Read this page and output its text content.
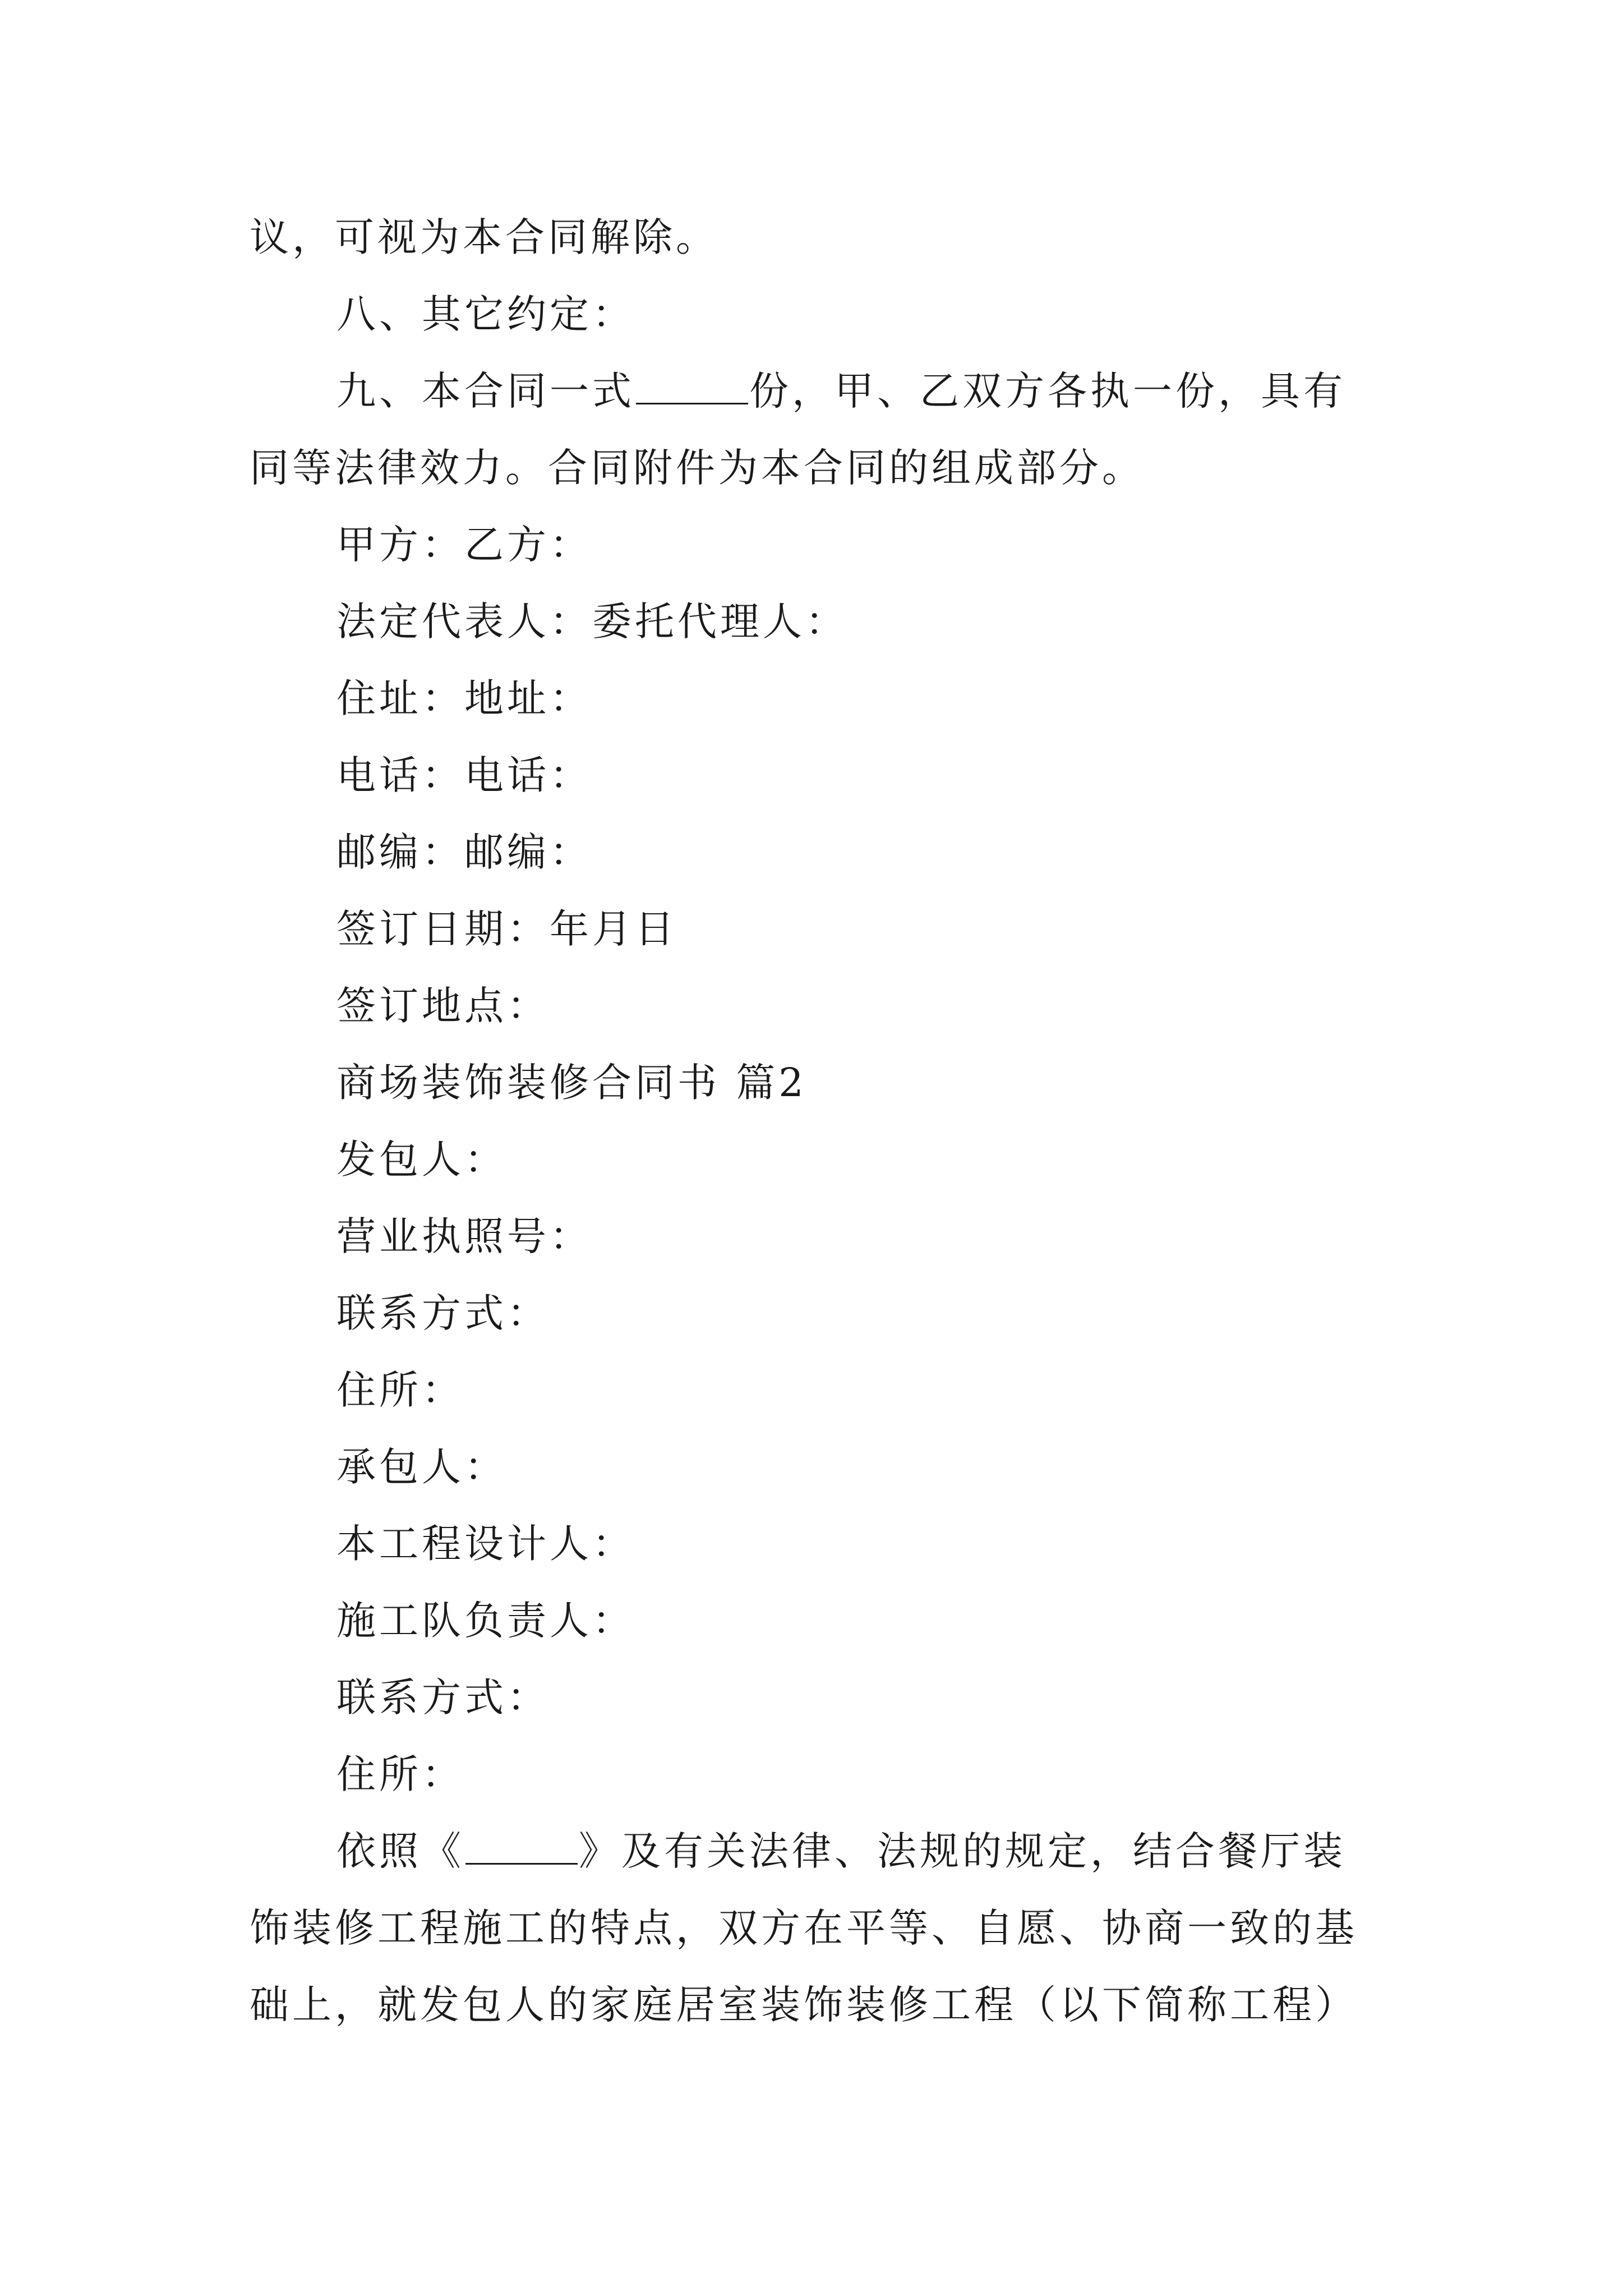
议，可视为本合同解除。
八、其它约定：
九、本合同一式	份，甲、乙双方各执一份，具有
同等法律效力。合同附件为本合同的组成部分。
甲方：乙方：
法定代表人：委托代理人：
住址：地址：
电话：电话：
邮编：邮编：
签订日期：年月日
签订地点：
商场装饰装修合同书 篇2
发包人：
营业执照号：
联系方式：
住所：
承包人：
本工程设计人：
施工队负责人：
联系方式：
住所：
依照《	》及有关法律、法规的规定，结合餐厅装
饰装修工程施工的特点，双方在平等、自愿、协商一致的基
础上，就发包人的家庭居室装饰装修工程（以下简称工程）
